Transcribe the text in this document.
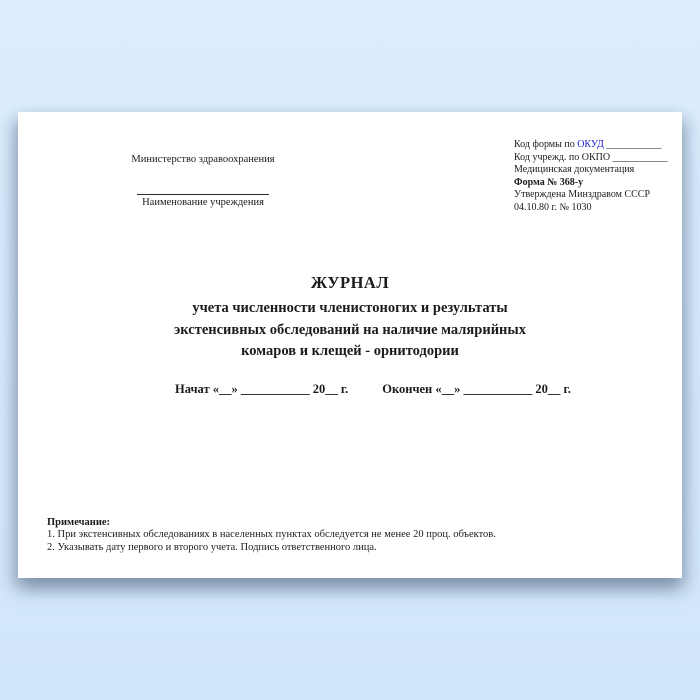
Министерство здравоохранения
Наименование учреждения
Код формы по ОКУД ___________
Код учрежд. по ОКПО ___________
Медицинская документация
Форма № 368-у
Утверждена Минздравом СССР
04.10.80 г. № 1030
ЖУРНАЛ
учета численности членистоногих и результаты
экстенсивных обследований на наличие малярийных
комаров и клещей - орнитодории
Начат «__» ___________ 20__ г.	Окончен «__» ___________ 20__ г.
Примечание:
1. При экстенсивных обследованиях в населенных пунктах обследуется не менее 20 проц. объектов.
2. Указывать дату первого и второго учета. Подпись ответственного лица.
